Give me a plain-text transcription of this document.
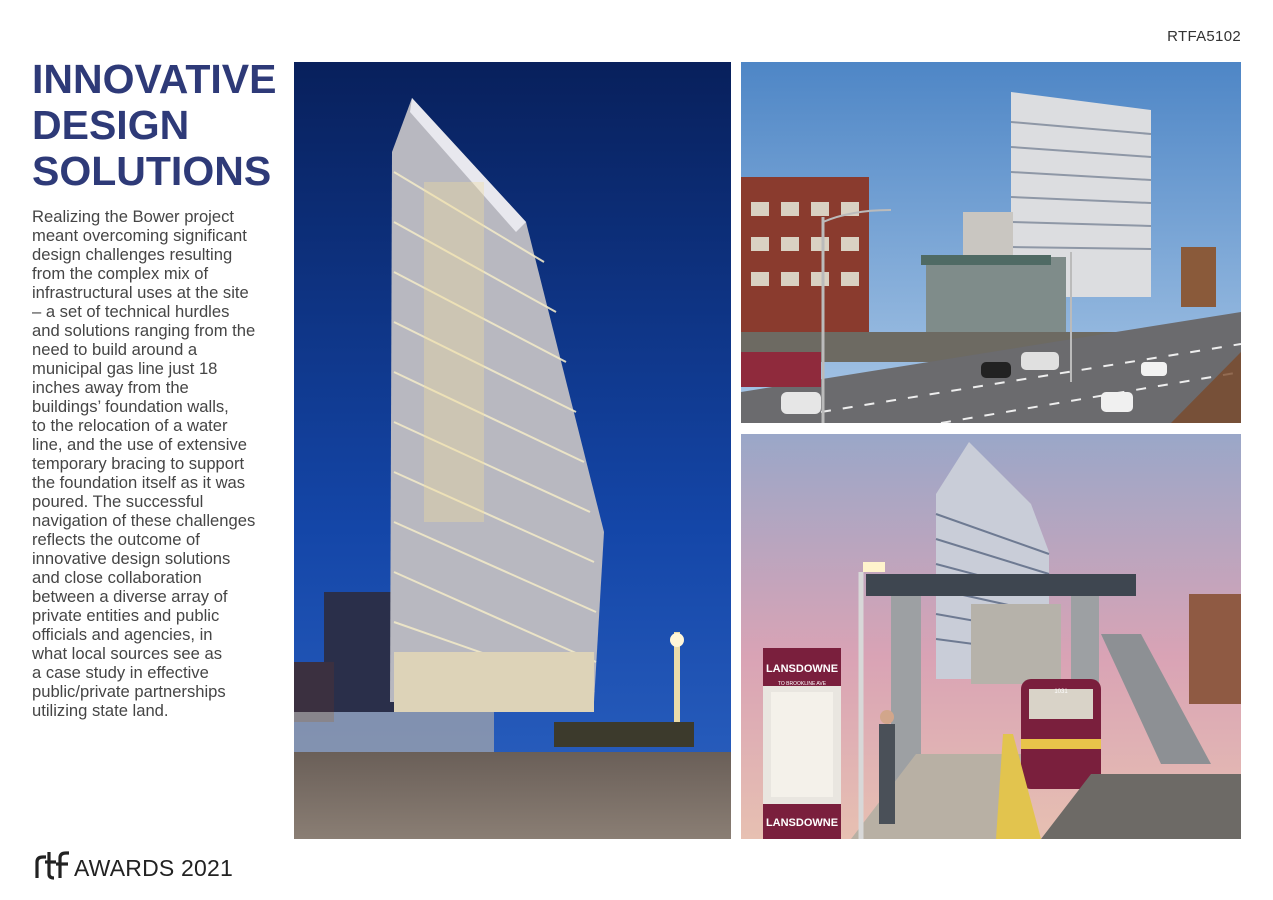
RTFA5102
INNOVATIVE
DESIGN
SOLUTIONS

Realizing the Bower project
meant overcoming significant
design challenges resulting
from the complex mix of
infrastructural uses at the site
– a set of technical hurdles
and solutions ranging from the
need to build around a
municipal gas line just 18
inches away from the
buildings’ foundation walls,
to the relocation of a water
line, and the use of extensive
temporary bracing to support
the foundation itself as it was
poured. The successful
navigation of these challenges
reflects the outcome of
innovative design solutions
and close collaboration
between a diverse array of
private entities and public
officials and agencies, in
what local sources see as
a case study in effective
public/private partnerships
utilizing state land.

LANSDOWNE
TO BROOKLINE AVE
LANSDOWNE
1031
AWARDS 2021
